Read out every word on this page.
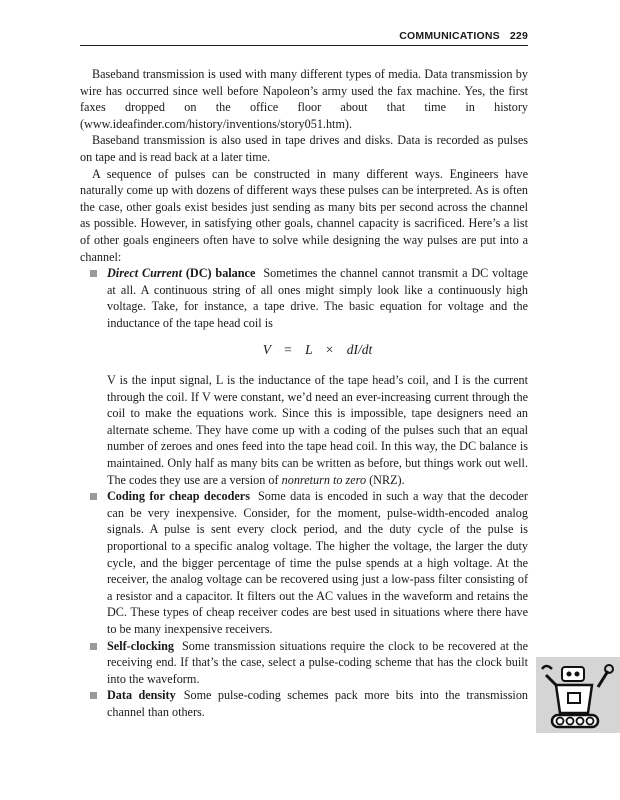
COMMUNICATIONS 229

Baseband transmission is used with many different types of media. Data transmission by wire has occurred since well before Napoleon’s army used the fax machine. Yes, the first faxes dropped on the office floor about that time in history (www.ideafinder.com/history/inventions/story051.htm).

Baseband transmission is also used in tape drives and disks. Data is recorded as pulses on tape and is read back at a later time.

A sequence of pulses can be constructed in many different ways. Engineers have naturally come up with dozens of different ways these pulses can be interpreted. As is often the case, other goals exist besides just sending as many bits per second across the channel as possible. However, in satisfying other goals, channel capacity is sacrificed. Here’s a list of other goals engineers often have to solve while designing the way pulses are put into a channel:

Direct Current (DC) balance Sometimes the channel cannot transmit a DC voltage at all. A continuous string of all ones might simply look like a continuously high voltage. Take, for instance, a tape drive. The basic equation for voltage and the inductance of the tape head coil is
V = L × dI/dt
V is the input signal, L is the inductance of the tape head’s coil, and I is the current through the coil. If V were constant, we’d need an ever-increasing current through the coil to make the equations work. Since this is impossible, tape designers need an alternate scheme. They have come up with a coding of the pulses such that an equal number of zeroes and ones feed into the tape head coil. In this way, the DC balance is maintained. Only half as many bits can be written as before, but things work out well. The codes they use are a version of nonreturn to zero (NRZ).
Coding for cheap decoders Some data is encoded in such a way that the decoder can be very inexpensive. Consider, for the moment, pulse-width-encoded analog signals. A pulse is sent every clock period, and the duty cycle of the pulse is proportional to a specific analog voltage. The higher the voltage, the larger the duty cycle, and the bigger percentage of time the pulse spends at a high voltage. At the receiver, the analog voltage can be recovered using just a low-pass filter consisting of a resistor and a capacitor. It filters out the AC values in the waveform and retains the DC. These types of cheap receiver codes are best used in situations where there have to be many inexpensive receivers.
Self-clocking Some transmission situations require the clock to be recovered at the receiving end. If that’s the case, select a pulse-coding scheme that has the clock built into the waveform.
Data density Some pulse-coding schemes pack more bits into the transmission channel than others.
